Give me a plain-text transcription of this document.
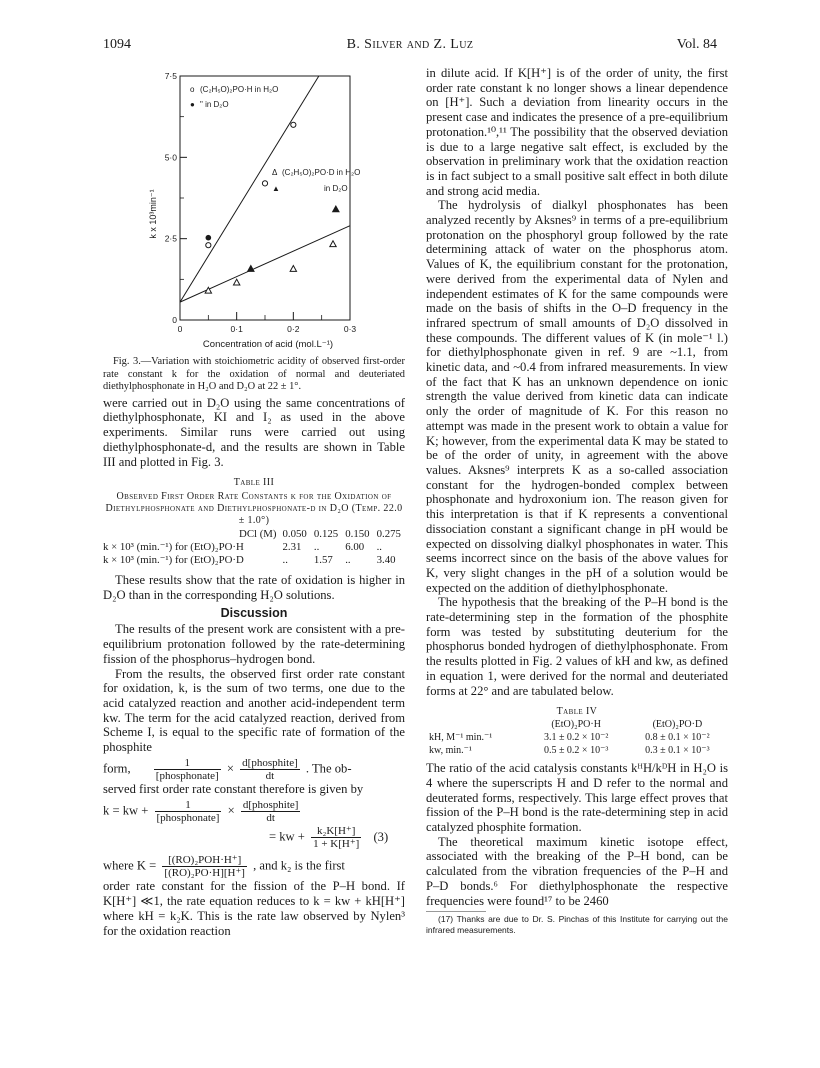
1094	B. Silver and Z. Luz	Vol. 84
0
2·5
5·0
7·5
0	0·1	0·2	0·3
o (C₂H₅O)₂PO·H in H₂O
● " in D₂O
Δ (C₂H₅O)₂PO·D in H₂O
▲	in D₂O
k x 10³min⁻¹
Concentration of acid (mol.L⁻¹)

Fig. 3.—Variation with stoichiometric acidity of observed first-order rate constant k for the oxidation of normal and deuteriated diethylphosphonate in H₂O and D₂O at 22 ± 1°.

were carried out in D₂O using the same concentrations of diethylphosphonate, KI and I₂ as used in the above experiments. Similar runs were carried out using diethylphosphonate-d, and the results are shown in Table III and plotted in Fig. 3.

Table III

Observed First Order Rate Constants k for the Oxidation of Diethylphosphonate and Diethylphosphonate-d in D₂O (Temp. 22.0 ± 1.0°)

DCl (M)	0.050	0.125	0.150	0.275
k × 10³ (min.⁻¹) for (EtO)₂PO·H	2.31	..	6.00	..
k × 10³ (min.⁻¹) for (EtO)₂PO·D	..	1.57	..	3.40

These results show that the rate of oxidation is higher in D₂O than in the corresponding H₂O solutions.

Discussion

The results of the present work are consistent with a pre-equilibrium protonation followed by the rate-determining fission of the phosphorus–hydrogen bond.

From the results, the observed first order rate constant for oxidation, k, is the sum of two terms, one due to the acid catalyzed reaction and another acid-independent term kw. The term for the acid catalyzed reaction, derived from Scheme I, is equal to the specific rate of formation of the phosphite

form, $\frac{1}{\text{[phosphonate]}} \times \frac{\text{d[phosphite]}}{dt}$ . The ob-

served first order rate constant therefore is given by

k = kw + $\frac{1}{\text{[phosphonate]}} \times \frac{\text{d[phosphite]}}{dt}$
= kw + $\frac{\text{k₂K[H⁺]}}{1 + K[H^+]} (3)$
where $K = \frac{\text{[(RO)₂POH·H⁺]}}{\text{[(RO)₂PO·H][H⁺]}}$ , and k₂ is the first

order rate constant for the fission of the P–H bond. If K[H⁺] ≪1, the rate equation reduces to k = kw + kH[H⁺] where kH = k₂K. This is the rate law observed by Nylen³ for the oxidation reaction

in dilute acid. If K[H⁺] is of the order of unity, the first order rate constant k no longer shows a linear dependence on [H⁺]. Such a deviation from linearity occurs in the present case and indicates the presence of a pre-equilibrium protonation.¹⁰,¹¹ The possibility that the observed deviation is due to a large negative salt effect, is excluded by the observation in preliminary work that the oxidation reaction is in fact subject to a small positive salt effect in both dilute and strong acid media.

The hydrolysis of dialkyl phosphonates has been analyzed recently by Aksnes⁹ in terms of a pre-equilibrium protonation on the phosphoryl group followed by the rate determining attack of water on the phosphorus atom. Values of K, the equilibrium constant for the protonation, were derived from the experimental data of Nylen and independent estimates of K for the same compounds were made on the basis of shifts in the O–D frequency in the infrared spectrum of small amounts of D₂O dissolved in these compounds. The different values of K (in mole⁻¹ l.) for diethylphosphonate given in ref. 9 are ~1.1, from kinetic data, and ~0.4 from infrared measurements. In view of the fact that K has an unknown dependence on ionic strength the value derived from kinetic data can indicate only the order of magnitude of K. For this reason no attempt was made in the present work to obtain a value for K; however, from the experimental data K may be stated to be of the order of unity, in agreement with the above values. Aksnes⁹ interprets K as a so-called association constant for the hydrogen-bonded complex between phosphonate and hydroxonium ion. The reason given for this interpretation is that if K represents a conventional dissociation constant a significant change in pH would be expected on dissolving dialkyl phosphonates in water. This seems incorrect since on the basis of the above values for K, very slight changes in the pH of a solution would be expected on the addition of diethylphosphonate.

The hypothesis that the breaking of the P–H bond is the rate-determining step in the formation of the phosphite form was tested by substituting deuterium for the phosphorus bonded hydrogen of diethylphosphonate. From the results plotted in Fig. 2 values of kH and kw, as defined in equation 1, were derived for the normal and deuteriated forms at 22° and are tabulated below.

Table IV

	(EtO)₂PO·H	(EtO)₂PO·D
kH, M⁻¹ min.⁻¹	3.1 ± 0.2 × 10⁻²	0.8 ± 0.1 × 10⁻²
kw, min.⁻¹	0.5 ± 0.2 × 10⁻³	0.3 ± 0.1 × 10⁻³

The ratio of the acid catalysis constants kᴴH/kᴰH in H₂O is 4 where the superscripts H and D refer to the normal and deuterated forms, respectively. This large effect proves that fission of the P–H bond is the rate-determining step in acid catalyzed phosphite formation.

The theoretical maximum kinetic isotope effect, associated with the breaking of the P–H bond, can be calculated from the vibration frequencies of the P–H and P–D bonds.⁶ For diethylphosphonate the respective frequencies were found¹⁷ to be 2460

(17) Thanks are due to Dr. S. Pinchas of this Institute for carrying out the infrared measurements.
